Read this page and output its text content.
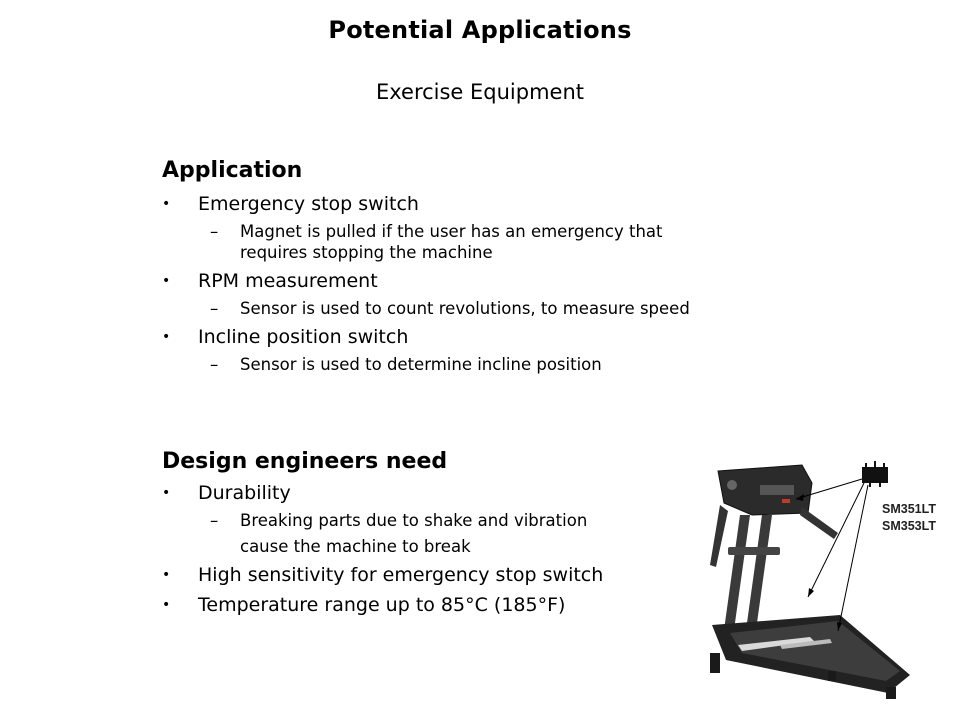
Potential Applications
Exercise Equipment
Application
•	Emergency stop switch
– Magnet is pulled if the user has an emergency that
requires stopping the machine
•	RPM measurement
– Sensor is used to count revolutions, to measure speed
•	Incline position switch
– Sensor is used to determine incline position
Design engineers need
•	Durability
– Breaking parts due to shake and vibration
cause the machine to break
•	High sensitivity for emergency stop switch
•	Temperature range up to 85°C (185°F)
SM351LT
SM353LT
